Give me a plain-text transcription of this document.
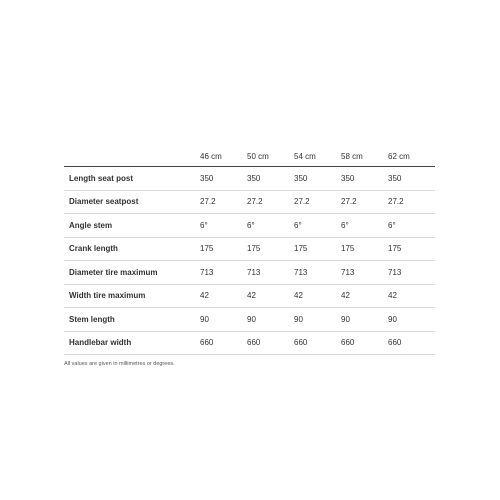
	46 cm	50 cm	54 cm	58 cm	62 cm
Length seat post	350	350	350	350	350
Diameter seatpost	27.2	27.2	27.2	27.2	27.2
Angle stem	6°	6°	6°	6°	6°
Crank length	175	175	175	175	175
Diameter tire maximum	713	713	713	713	713
Width tire maximum	42	42	42	42	42
Stem length	90	90	90	90	90
Handlebar width	660	660	660	660	660
All values are given in millimetres or degrees.
